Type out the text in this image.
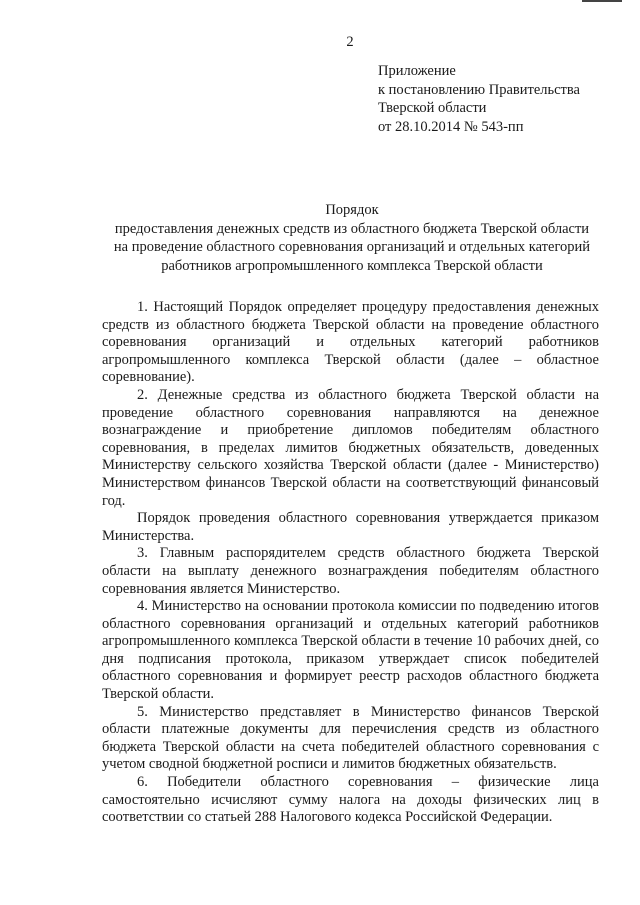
2
Приложение
к постановлению Правительства
Тверской области
от 28.10.2014 № 543-пп
Порядок
предоставления денежных средств из областного бюджета Тверской области
на проведение областного соревнования организаций и отдельных категорий
работников агропромышленного комплекса Тверской области

1. Настоящий Порядок определяет процедуру предоставления денежных средств из областного бюджета Тверской области на проведение областного соревнования организаций и отдельных категорий работников агропромышленного комплекса Тверской области (далее – областное соревнование).

2. Денежные средства из областного бюджета Тверской области на проведение областного соревнования направляются на денежное вознаграждение и приобретение дипломов победителям областного соревнования, в пределах лимитов бюджетных обязательств, доведенных Министерству сельского хозяйства Тверской области (далее - Министерство) Министерством финансов Тверской области на соответствующий финансовый год.

Порядок проведения областного соревнования утверждается приказом Министерства.

3. Главным распорядителем средств областного бюджета Тверской области на выплату денежного вознаграждения победителям областного соревнования является Министерство.

4. Министерство на основании протокола комиссии по подведению итогов областного соревнования организаций и отдельных категорий работников агропромышленного комплекса Тверской области в течение 10 рабочих дней, со дня подписания протокола, приказом утверждает список победителей областного соревнования и формирует реестр расходов областного бюджета Тверской области.

5. Министерство представляет в Министерство финансов Тверской области платежные документы для перечисления средств из областного бюджета Тверской области на счета победителей областного соревнования с учетом сводной бюджетной росписи и лимитов бюджетных обязательств.

6. Победители областного соревнования – физические лица самостоятельно исчисляют сумму налога на доходы физических лиц в соответствии со статьей 288 Налогового кодекса Российской Федерации.
